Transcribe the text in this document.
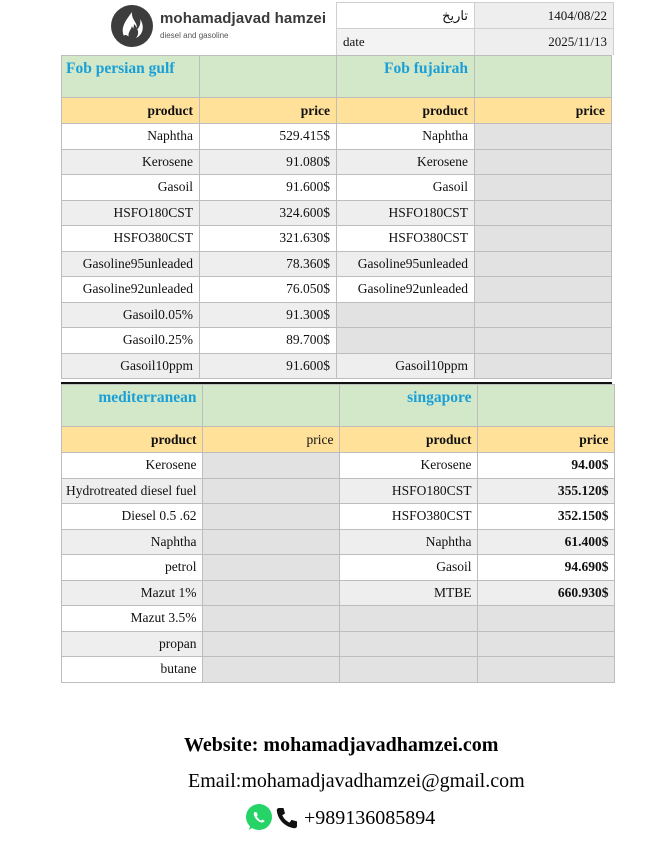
mohamadjavad hamzei
diesel and gasoline
تاریخ	1404/08/22
date	2025/11/13
Fob persian gulf		Fob fujairah	
product	price	product	price
Naphtha	529.415$	Naphtha	
Kerosene	91.080$	Kerosene	
Gasoil	91.600$	Gasoil	
HSFO180CST	324.600$	HSFO180CST	
HSFO380CST	321.630$	HSFO380CST	
Gasoline95unleaded	78.360$	Gasoline95unleaded	
Gasoline92unleaded	76.050$	Gasoline92unleaded	
Gasoil0.05%	91.300$		
Gasoil0.25%	89.700$		
Gasoil10ppm	91.600$	Gasoil10ppm	
mediterranean		singapore	
product	price	product	price
Kerosene		Kerosene	94.00$
Hydrotreated diesel fuel		HSFO180CST	355.120$
Diesel 0.5 .62		HSFO380CST	352.150$
Naphtha		Naphtha	61.400$
petrol		Gasoil	94.690$
Mazut 1%		MTBE	660.930$
Mazut 3.5%			
propan			
butane			
Website: mohamadjavadhamzei.com
Email:mohamadjavadhamzei@gmail.com
+989136085894
